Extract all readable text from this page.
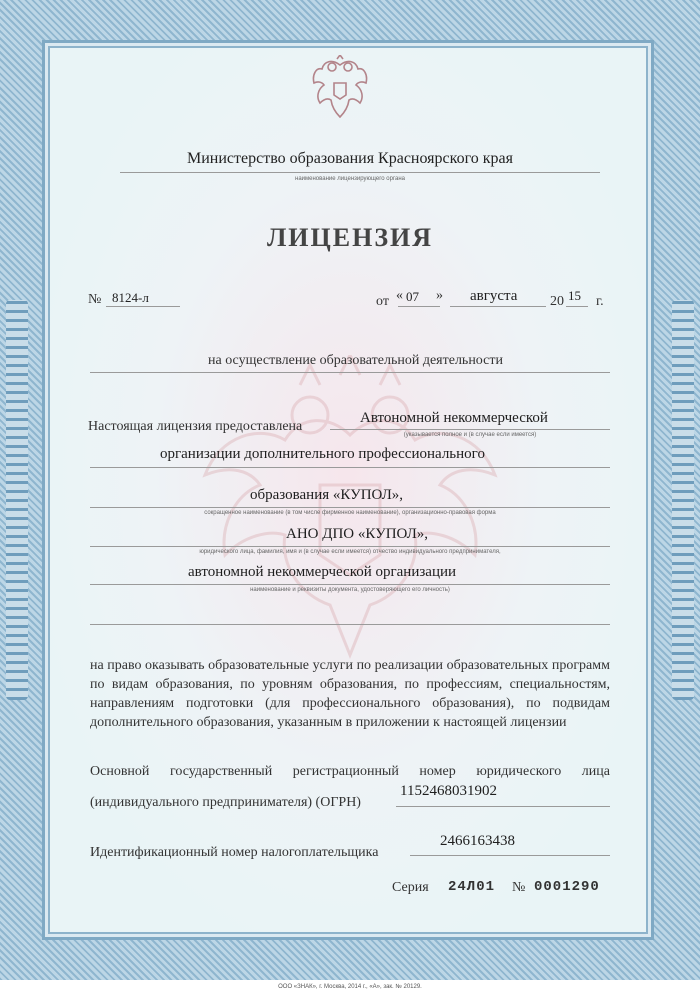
Министерство образования Красноярского края
наименование лицензирующего органа
ЛИЦЕНЗИЯ
№ 8124-л	от « 07 » августа 20 15 г.
на осуществление образовательной деятельности
Настоящая лицензия предоставлена
Автономной некоммерческой
(указывается полное и (в случае если имеется)
организации дополнительного профессионального
образования «КУПОЛ»,
сокращенное наименование (в том числе фирменное наименование), организационно-правовая форма
АНО ДПО «КУПОЛ»,
юридического лица, фамилия, имя и (в случае если имеется) отчество индивидуального предпринимателя,
автономной некоммерческой организации
наименование и реквизиты документа, удостоверяющего его личность)
на право оказывать образовательные услуги по реализации образовательных программ по видам образования, по уровням образования, по профессиям, специальностям, направлениям подготовки (для профессионального образования), по подвидам дополнительного образования, указанным в приложении к настоящей лицензии
Основной государственный регистрационный номер юридического лица
(индивидуального предпринимателя) (ОГРН)
1152468031902
Идентификационный номер налогоплательщика
2466163438
Серия 24Л01 № 0001290
ООО «ЗНАК», г. Москва, 2014 г., «А», зак. № 20129.
